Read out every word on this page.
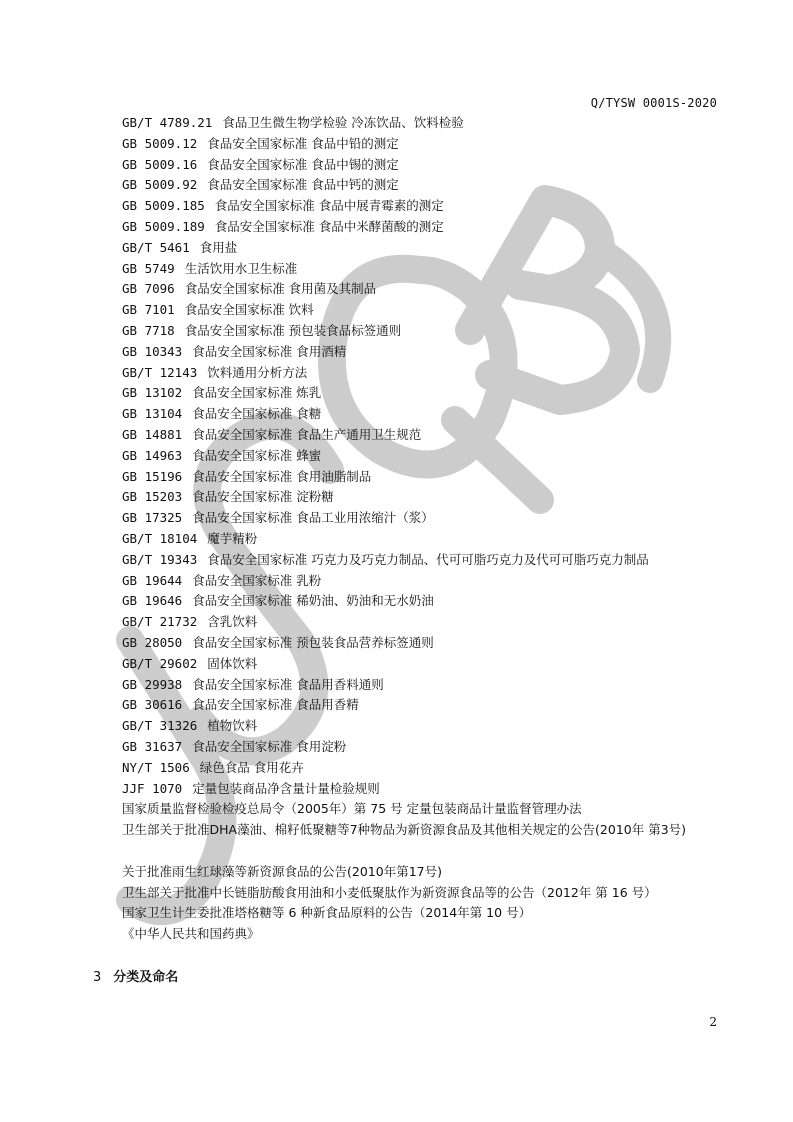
Q/TYSW 0001S-2020
GB/T 4789.21 食品卫生微生物学检验 冷冻饮品、饮料检验
GB 5009.12 食品安全国家标准 食品中铅的测定
GB 5009.16 食品安全国家标准 食品中锡的测定
GB 5009.92 食品安全国家标准 食品中钙的测定
GB 5009.185 食品安全国家标准 食品中展青霉素的测定
GB 5009.189 食品安全国家标准 食品中米酵菌酸的测定
GB/T 5461 食用盐
GB 5749 生活饮用水卫生标准
GB 7096 食品安全国家标准 食用菌及其制品
GB 7101 食品安全国家标准 饮料
GB 7718 食品安全国家标准 预包装食品标签通则
GB 10343 食品安全国家标准 食用酒精
GB/T 12143 饮料通用分析方法
GB 13102 食品安全国家标准 炼乳
GB 13104 食品安全国家标准 食糖
GB 14881 食品安全国家标准 食品生产通用卫生规范
GB 14963 食品安全国家标准 蜂蜜
GB 15196 食品安全国家标准 食用油脂制品
GB 15203 食品安全国家标准 淀粉糖
GB 17325 食品安全国家标准 食品工业用浓缩汁（浆）
GB/T 18104 魔芋精粉
GB/T 19343 食品安全国家标准 巧克力及巧克力制品、代可可脂巧克力及代可可脂巧克力制品
GB 19644 食品安全国家标准 乳粉
GB 19646 食品安全国家标准 稀奶油、奶油和无水奶油
GB/T 21732 含乳饮料
GB 28050 食品安全国家标准 预包装食品营养标签通则
GB/T 29602 固体饮料
GB 29938 食品安全国家标准 食品用香料通则
GB 30616 食品安全国家标准 食品用香精
GB/T 31326 植物饮料
GB 31637 食品安全国家标准 食用淀粉
NY/T 1506 绿色食品 食用花卉
JJF 1070 定量包装商品净含量计量检验规则
国家质量监督检验检疫总局令（2005年）第 75 号 定量包装商品计量监督管理办法
卫生部关于批准DHA藻油、棉籽低聚糖等7种物品为新资源食品及其他相关规定的公告(2010年 第3号)
关于批准雨生红球藻等新资源食品的公告(2010年第17号)
卫生部关于批准中长链脂肪酸食用油和小麦低聚肽作为新资源食品等的公告（2012年 第 16 号）
国家卫生计生委批准塔格糖等 6 种新食品原料的公告（2014年第 10 号）
《中华人民共和国药典》
3 分类及命名
2
